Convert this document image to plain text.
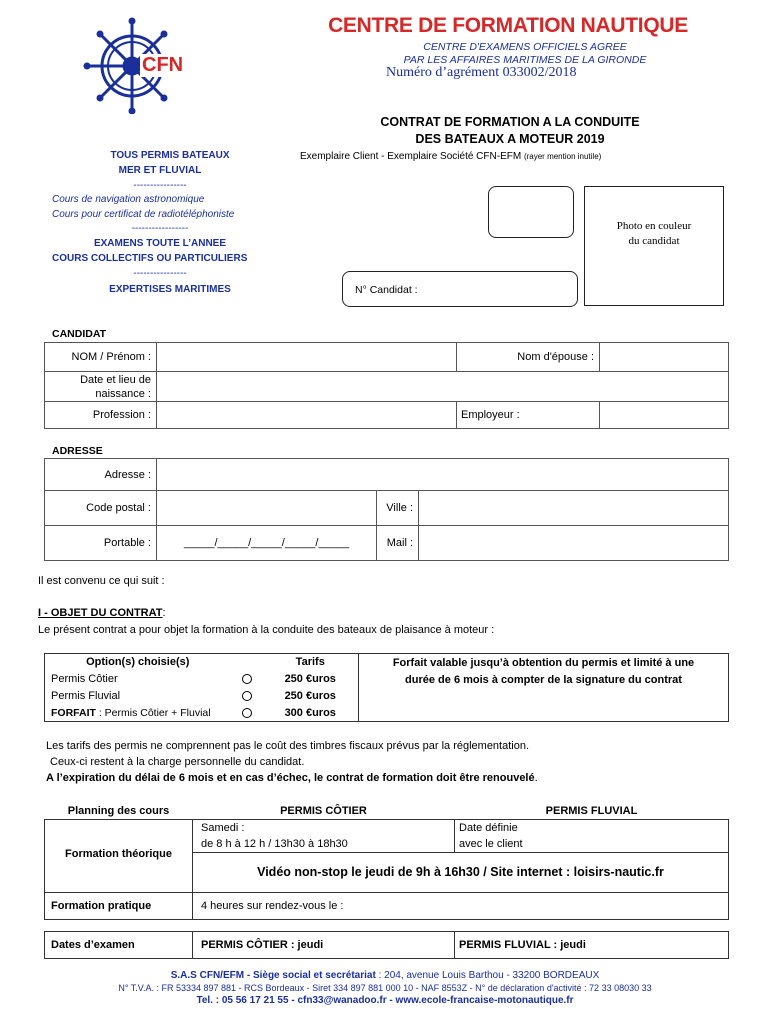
CFN
CENTRE DE FORMATION NAUTIQUE
CENTRE D'EXAMENS OFFICIELS AGREE
PAR LES AFFAIRES MARITIMES DE LA GIRONDE
Numéro d’agrément 033002/2018
CONTRAT DE FORMATION A LA CONDUITE
DES BATEAUX A MOTEUR 2019
Exemplaire Client - Exemplaire Société CFN-EFM (rayer mention inutile)
TOUS PERMIS BATEAUX
MER ET FLUVIAL
----------------
Cours de navigation astronomique
Cours pour certificat de radiotéléphoniste
-----------------
EXAMENS TOUTE L’ANNEE
COURS COLLECTIFS OU PARTICULIERS
----------------
EXPERTISES MARITIMES
Photo en couleur
du candidat
N° Candidat :
CANDIDAT
NOM / Prénom :		Nom d'épouse :	
Date et lieu de
naissance :			
Profession :		Employeur :	
ADRESSE
Adresse :			
Code postal :		Ville :	
Portable :	_____/_____/_____/_____/_____	Mail :	
Il est convenu ce qui suit :
I - OBJET DU CONTRAT:
Le présent contrat a pour objet la formation à la conduite des bateaux de plaisance à moteur :
Option(s) choisie(s)		Tarifs	Forfait valable jusqu’à obtention du permis et limité à une
durée de 6 mois à compter de la signature du contrat
Permis Côtier		250 €uros	
Permis Fluvial		250 €uros	
FORFAIT : Permis Côtier + Fluvial		300 €uros	
Les tarifs des permis ne comprennent pas le coût des timbres fiscaux prévus par la réglementation.
Ceux-ci restent à la charge personnelle du candidat.
A l’expiration du délai de 6 mois et en cas d’échec, le contrat de formation doit être renouvelé.
Planning des cours	PERMIS CÔTIER	PERMIS FLUVIAL
Formation théorique	Samedi :
de 8 h à 12 h / 13h30 à 18h30	Date définie
avec le client
	Vidéo non-stop le jeudi de 9h à 16h30 / Site internet : loisirs-nautic.fr	
Formation pratique	4 heures sur rendez-vous le :	

Dates d’examen	PERMIS CÔTIER : jeudi	PERMIS FLUVIAL : jeudi
S.A.S CFN/EFM - Siège social et secrétariat : 204, avenue Louis Barthou - 33200 BORDEAUX
N° T.V.A. : FR 53334 897 881 - RCS Bordeaux - Siret 334 897 881 000 10 - NAF 8553Z - N° de déclaration d'activité : 72 33 08030 33
Tel. : 05 56 17 21 55 - cfn33@wanadoo.fr - www.ecole-francaise-motonautique.fr
